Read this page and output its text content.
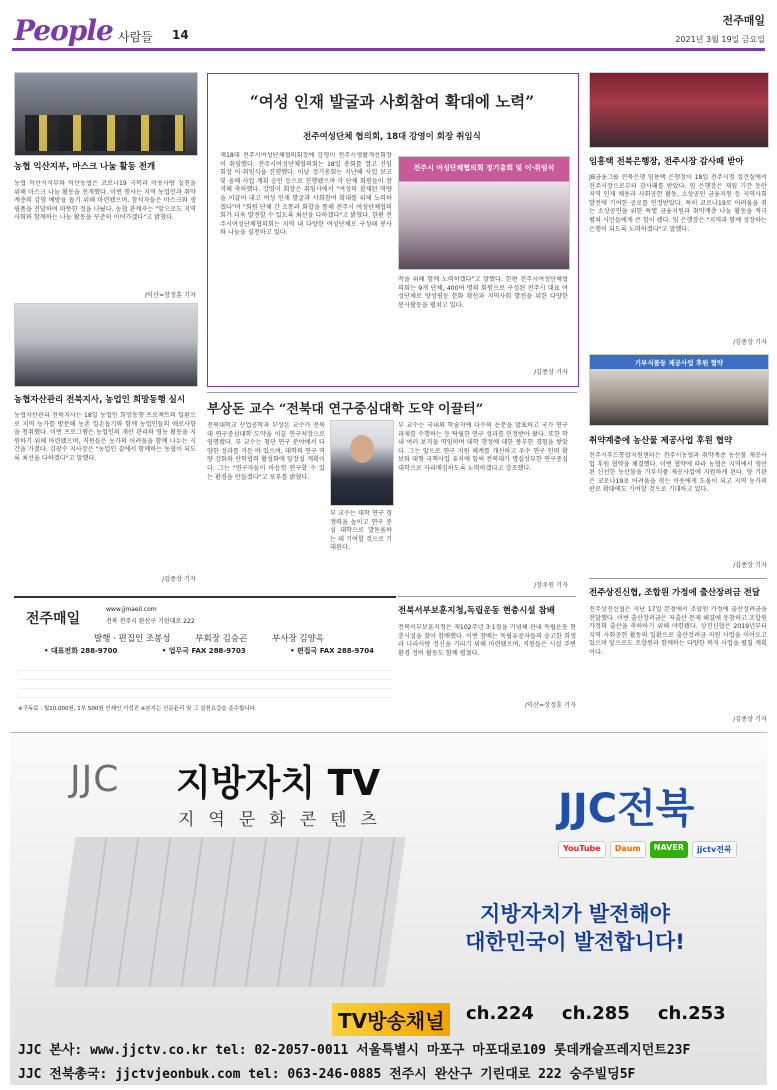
People 사람들 14
전주매일
2021년 3월 19일 금요일
농협 익산지부, 마스크 나눔 활동 전개
농협 익산시지부와 익산농협은 코로나19 극복과 이웃사랑 실천을 위해 마스크 나눔 활동을 전개했다. 이번 행사는 지역 농업인과 취약계층의 감염 예방을 돕기 위해 마련됐으며, 참석자들은 마스크와 생필품을 전달하며 따뜻한 정을 나눴다. 농협 관계자는 "앞으로도 지역사회와 함께하는 나눔 활동을 꾸준히 이어가겠다"고 밝혔다.
/익산=장정훈 기자
농협자산관리 전북지사, 농업인 희망동행 실시
농협자산관리 전북지사는 18일 농업인 희망동행 프로젝트의 일환으로 지역 농가를 방문해 농촌 일손돕기와 함께 농업인들의 애로사항을 청취했다. 이번 프로그램은 농업인의 재산 관리와 영농 활동을 지원하기 위해 마련됐으며, 직원들은 농가의 어려움을 함께 나누는 시간을 가졌다. 김광수 지사장은 "농업인 곁에서 함께하는 농협이 되도록 최선을 다하겠다"고 말했다.
/김종상 기자
전주매일
www.jjmaeil.com
전북 전주시 완산구 기린대로 222
발행 · 편집인 조봉성	부회장 김승곤	부사장 김양옥
• 대표전화 288-9700	• 업무국 FAX 288-9703	• 편집국 FAX 288-9704
※구독료 : 월10,000원, 1부 500원 인쇄인 이성진 ※본지는 신문윤리 및 그 실천요강을 준수합니다.
“여성 인재 발굴과 사회참여 확대에 노력”
전주여성단체 협의회, 18대 강영이 회장 취임식
제18대 전주시여성단체협의회장에 강영이 전주시생활개선회장이 취임했다. 전주시여성단체협의회는 18일 총회를 열고 신임 회장 이·취임식을 진행했다. 이날 정기총회는 지난해 사업 보고 및 올해 사업 계획 승인 등으로 진행됐으며 각 단체 회원들이 참석해 축하했다. 강영이 회장은 취임사에서 "여성의 잠재된 역량을 이끌어 내고 여성 인재 발굴과 사회참여 확대를 위해 노력하겠다"며 "회원 단체 간 소통과 화합을 통해 전주시 여성단체협의회가 더욱 발전할 수 있도록 최선을 다하겠다"고 밝혔다. 한편 전주시여성단체협의회는 지역 내 다양한 여성단체로 구성돼 봉사와 나눔을 실천하고 있다.
전주시 여성단체협의회 정기총회 및 이·취임식
작을 위해 함께 노력하겠다"고 말했다. 한편 전주시여성단체협의회는 9개 단체, 400여 명의 회원으로 구성된 전주시 대표 여성단체로 양성평등 문화 확산과 지역사회 발전을 위한 다양한 봉사활동을 펼치고 있다.
/김종상 기자
부상돈 교수 “전북대 연구중심대학 도약 이끌터”
전북대학교 산업공학과 부상돈 교수가 전북대 연구중심대학 도약을 이끌 연구처장으로 임명됐다. 부 교수는 첨단 연구 분야에서 다양한 성과를 거둔 바 있으며, 대학의 연구 역량 강화와 산학협력 활성화에 앞장설 계획이다. 그는 "연구자들이 마음껏 연구할 수 있는 환경을 만들겠다"고 포부를 밝혔다.
부 교수는 대학 연구 경쟁력을 높이고 연구 중심 대학으로 발돋움하는 데 기여할 것으로 기대된다.
부 교수는 국내외 학술지에 다수의 논문을 발표하고 국가 연구과제를 수행하는 등 탁월한 연구 성과를 인정받아 왔다. 또한 학내 여러 보직을 역임하며 대학 행정에 대한 풍부한 경험을 쌓았다. 그는 앞으로 연구 지원 체계를 개선하고 우수 연구 인력 확보와 대형 국책사업 유치에 힘써 전북대가 명실상부한 연구중심대학으로 자리매김하도록 노력하겠다고 강조했다.
/장우원 기자
전북서부보훈지청,독립운동 현충시설 참배
전북서부보훈지청은 제102주년 3·1절을 기념해 관내 독립운동 현충시설을 찾아 참배했다. 이번 참배는 독립유공자들의 숭고한 희생과 나라사랑 정신을 기리기 위해 마련됐으며, 직원들은 시설 주변 환경 정비 활동도 함께 펼쳤다.
/익산=장정훈 기자
임흥택 전북은행장, 전주시장 감사패 받아
JB금융그룹 전북은행 임용택 은행장이 18일 전주시청 접견실에서 전주시장으로부터 감사패를 받았다. 임 은행장은 재임 기간 동안 지역 인재 채용과 사회공헌 활동, 소상공인 금융지원 등 지역사회 발전에 기여한 공로를 인정받았다. 특히 코로나19로 어려움을 겪는 소상공인을 위한 특별 금융지원과 취약계층 나눔 활동을 적극 펼쳐 시민들에게 큰 힘이 됐다. 임 은행장은 "지역과 함께 성장하는 은행이 되도록 노력하겠다"고 말했다.
/김종상 기자
기부식품등 제공사업 후원 협약
취약계층에 농산물 제공사업 후원 협약
전주시푸드통합지원센터는 전주시농협과 취약계층 농산물 제공사업 후원 협약을 체결했다. 이번 협약에 따라 농협은 지역에서 생산된 신선한 농산물을 기부식품 제공사업에 지원하게 된다. 양 기관은 코로나19로 어려움을 겪는 이웃에게 도움이 되고 지역 농가의 판로 확대에도 기여할 것으로 기대하고 있다.
/김종상 기자
전주상진신협, 조합원 가정에 출산장려금 전달
전주상진신협은 지난 17일 본점에서 조합원 가정에 출산장려금을 전달했다. 이번 출산장려금은 저출산 문제 해결에 동참하고 조합원 가정의 출산을 축하하기 위해 마련됐다. 상진신협은 2019년부터 지역 사회공헌 활동의 일환으로 출산장려금 지원 사업을 이어오고 있으며 앞으로도 조합원과 함께하는 다양한 복지 사업을 펼칠 계획이다.
/김종상 기자
JJC 지방자치 TV
지역문화콘텐츠	JJC전북
YouTube	Daum	NAVER	jjctv전북
지방자치가 발전해야
대한민국이 발전합니다!
TV방송채널	ch.224 ch.285 ch.253
JJC 본사: www.jjctv.co.kr tel: 02-2057-0011 서울특별시 마포구 마포대로109 롯데캐슬프레지던트23F
JJC 전북총국: jjctvjeonbuk.com tel: 063-246-0885 전주시 완산구 기린대로 222 숭주빌딩5F
